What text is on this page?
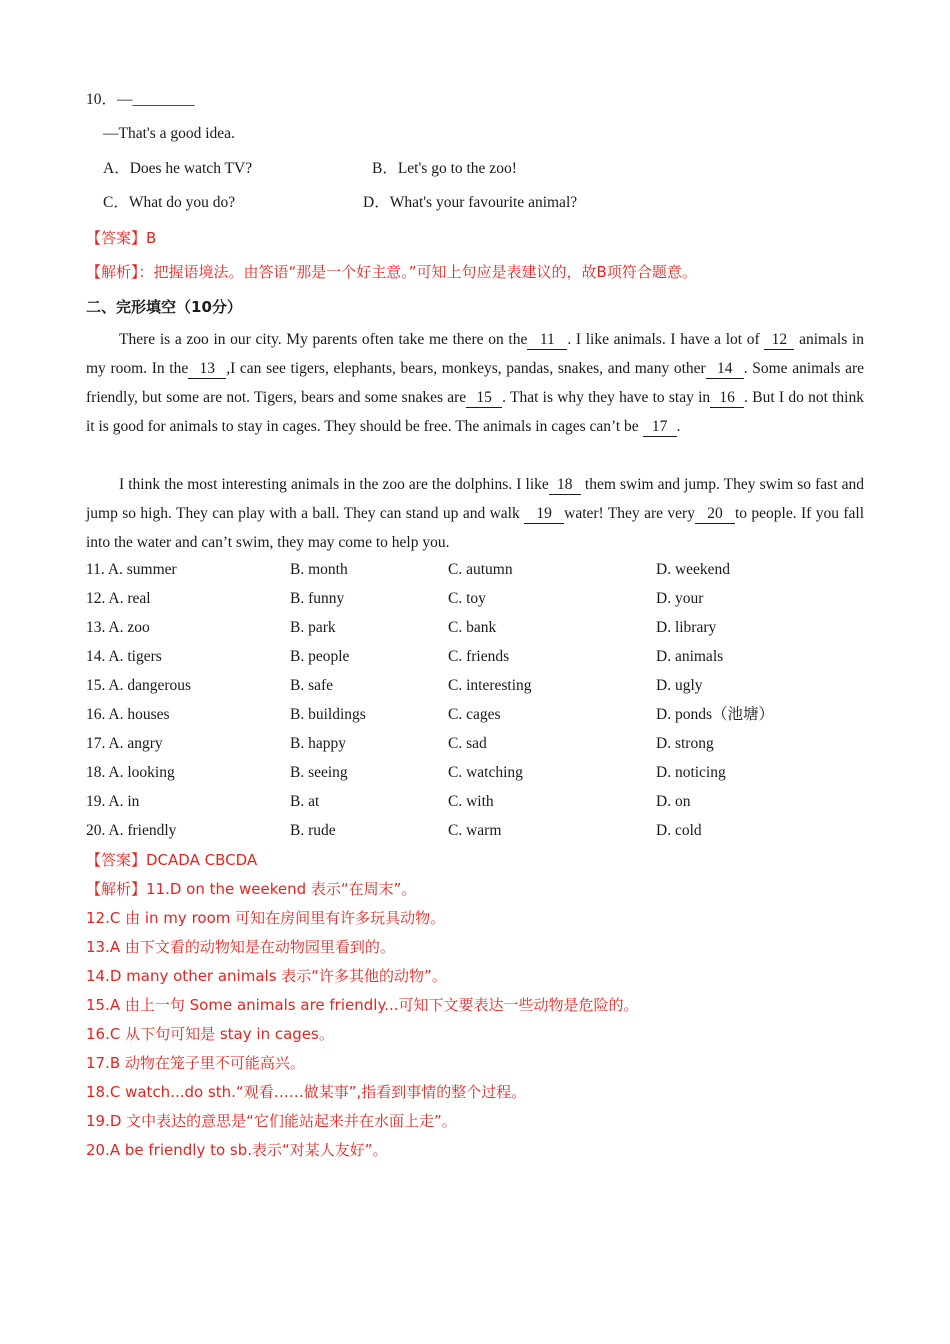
10．—________
—That's a good idea.
A．Does he watch TV?	B．Let's go to the zoo!
C．What do you do?	D．What's your favourite animal?
【答案】B
【解析】：把握语境法。由答语“那是一个好主意。”可知上句应是表建议的，故B项符合题意。
二、完形填空（10分）
There is a zoo in our city. My parents often take me there on the 11 . I like animals. I have a lot of 12 animals in my room. In the 13 ,I can see tigers, elephants, bears, monkeys, pandas, snakes, and many other 14 . Some animals are friendly, but some are not. Tigers, bears and some snakes are 15 . That is why they have to stay in 16 . But I do not think it is good for animals to stay in cages. They should be free. The animals in cages can’t be 17 .
I think the most interesting animals in the zoo are the dolphins. I like 18 them swim and jump. They swim so fast and jump so high. They can play with a ball. They can stand up and walk 19 water! They are very 20 to people. If you fall into the water and can’t swim, they may come to help you.
11. A. summer	B. month	C. autumn	D. weekend
12. A. real	B. funny	C. toy	D. your
13. A. zoo	B. park	C. bank	D. library
14. A. tigers	B. people	C. friends	D. animals
15. A. dangerous	B. safe	C. interesting	D. ugly
16. A. houses	B. buildings	C. cages	D. ponds（池塘）
17. A. angry	B. happy	C. sad	D. strong
18. A. looking	B. seeing	C. watching	D. noticing
19. A. in	B. at	C. with	D. on
20. A. friendly	B. rude	C. warm	D. cold
【答案】DCADA CBCDA
【解析】11.D on the weekend 表示“在周末”。
12.C 由 in my room 可知在房间里有许多玩具动物。
13.A 由下文看的动物知是在动物园里看到的。
14.D many other animals 表示“许多其他的动物”。
15.A 由上一句 Some animals are friendly...可知下文要表达一些动物是危险的。
16.C 从下句可知是 stay in cages。
17.B 动物在笼子里不可能高兴。
18.C watch...do sth.“观看……做某事”,指看到事情的整个过程。
19.D 文中表达的意思是“它们能站起来并在水面上走”。
20.A be friendly to sb.表示“对某人友好”。
